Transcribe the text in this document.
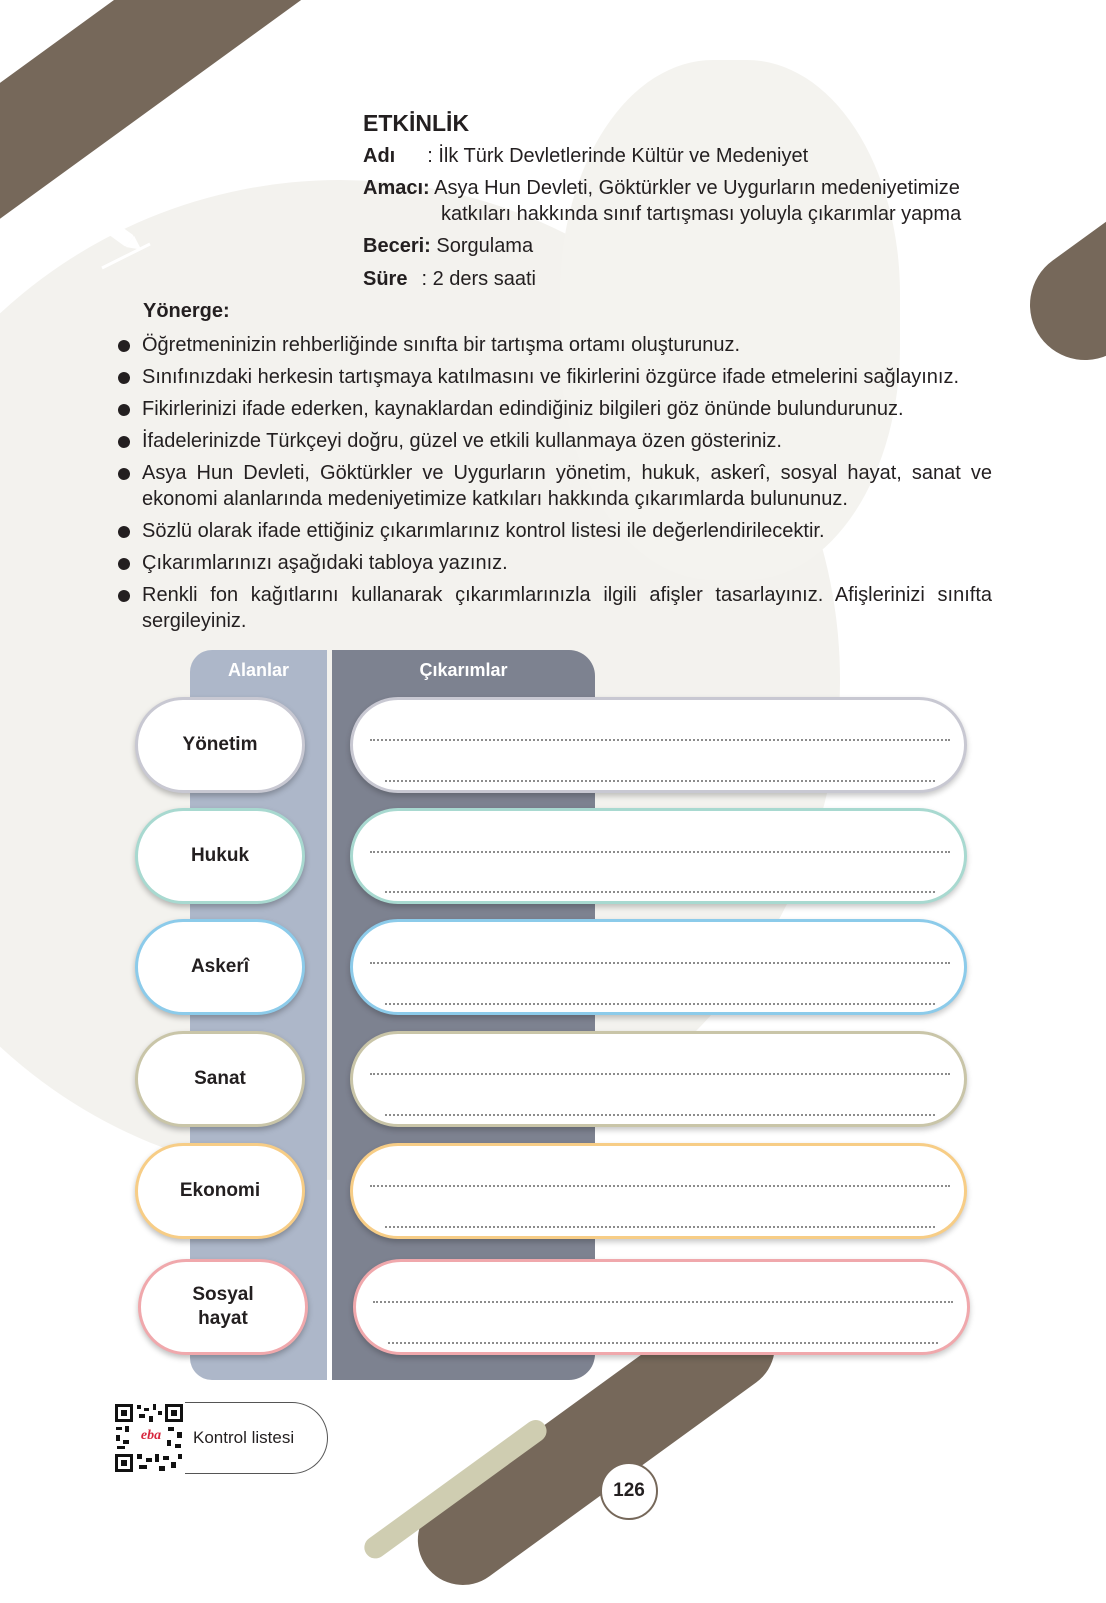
UYGULAYALIM ETKİNLİK
Adı : İlk Türk Devletlerinde Kültür ve Medeniyet
Amacı: Asya Hun Devleti, Göktürkler ve Uygurların medeniyetimize
katkıları hakkında sınıf tartışması yoluyla çıkarımlar yapma
Beceri: Sorgulama
Süre : 2 ders saati
Yönerge:
Öğretmeninizin rehberliğinde sınıfta bir tartışma ortamı oluşturunuz.
Sınıfınızdaki herkesin tartışmaya katılmasını ve fikirlerini özgürce ifade etmelerini sağlayınız.
Fikirlerinizi ifade ederken, kaynaklardan edindiğiniz bilgileri göz önünde bulundurunuz.
İfadelerinizde Türkçeyi doğru, güzel ve etkili kullanmaya özen gösteriniz.
Asya Hun Devleti, Göktürkler ve Uygurların yönetim, hukuk, askerî, sosyal hayat, sanat ve ekonomi alanlarında medeniyetimize katkıları hakkında çıkarımlarda bulununuz.
Sözlü olarak ifade ettiğiniz çıkarımlarınız kontrol listesi ile değerlendirilecektir.
Çıkarımlarınızı aşağıdaki tabloya yazınız.
Renkli fon kağıtlarını kullanarak çıkarımlarınızla ilgili afişler tasarlayınız. Afişlerinizi sınıfta sergileyiniz.
Alanlar	Çıkarımlar
Yönetim
Hukuk
Askerî
Sanat
Ekonomi
Sosyal
hayat
eba Kontrol listesi
126
